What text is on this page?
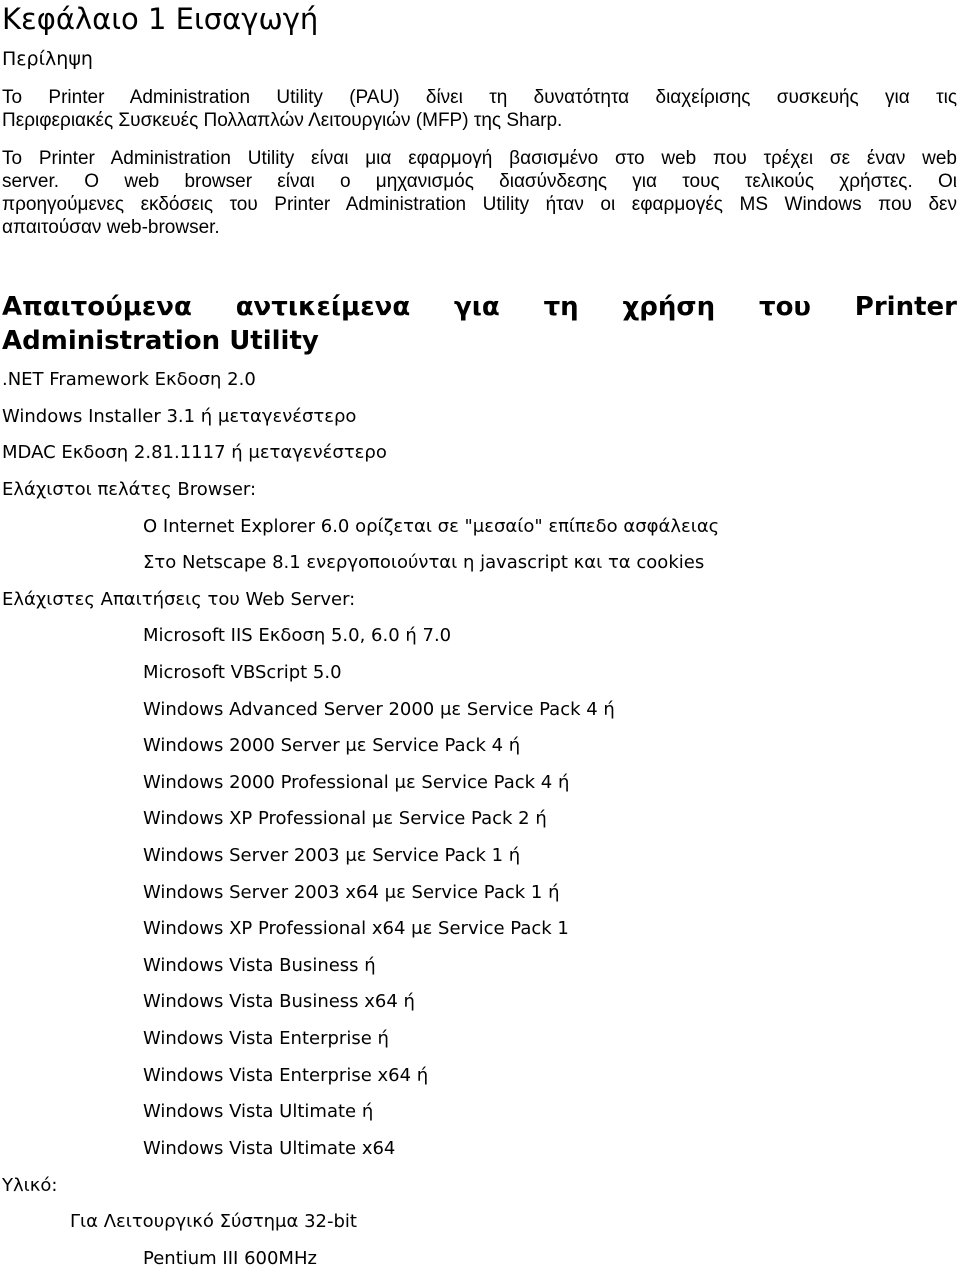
Κεφάλαιο 1 Εισαγωγή
Περίληψη

Το Printer Administration Utility (PAU) δίνει τη δυνατότητα διαχείρισης συσκευής για τις
Περιφεριακές Συσκευές Πολλαπλών Λειτουργιών (MFP) της Sharp.

Το Printer Administration Utility είναι μια εφαρμογή βασισμένο στο web που τρέχει σε έναν web
server. O web browser είναι ο μηχανισμός διασύνδεσης για τους τελικούς χρήστες. Οι
προηγούμενες εκδόσεις του Printer Administration Utility ήταν οι εφαρμογές MS Windows που δεν
απαιτούσαν web-browser.

Απαιτούμενα αντικείμενα για τη χρήση του Printer
Administration Utility
.NET Framework Εκδοση 2.0
Windows Installer 3.1 ή μεταγενέστερο
MDAC Εκδοση 2.81.1117 ή μεταγενέστερο
Ελάχιστοι πελάτες Browser:
O Internet Explorer 6.0 ορίζεται σε "μεσαίο" επίπεδο ασφάλειας
Στο Netscape 8.1 ενεργοποιούνται η javascript και τα cookies
Ελάχιστες Απαιτήσεις του Web Server:
Microsoft IIS Εκδοση 5.0, 6.0 ή 7.0
Microsoft VBScript 5.0
Windows Advanced Server 2000 με Service Pack 4 ή
Windows 2000 Server με Service Pack 4 ή
Windows 2000 Professional με Service Pack 4 ή
Windows XP Professional με Service Pack 2 ή
Windows Server 2003 με Service Pack 1 ή
Windows Server 2003 x64 με Service Pack 1 ή
Windows XP Professional x64 με Service Pack 1
Windows Vista Business ή
Windows Vista Business x64 ή
Windows Vista Enterprise ή
Windows Vista Enterprise x64 ή
Windows Vista Ultimate ή
Windows Vista Ultimate x64
Υλικό:
Για Λειτουργικό Σύστημα 32-bit
Pentium III 600MHz
